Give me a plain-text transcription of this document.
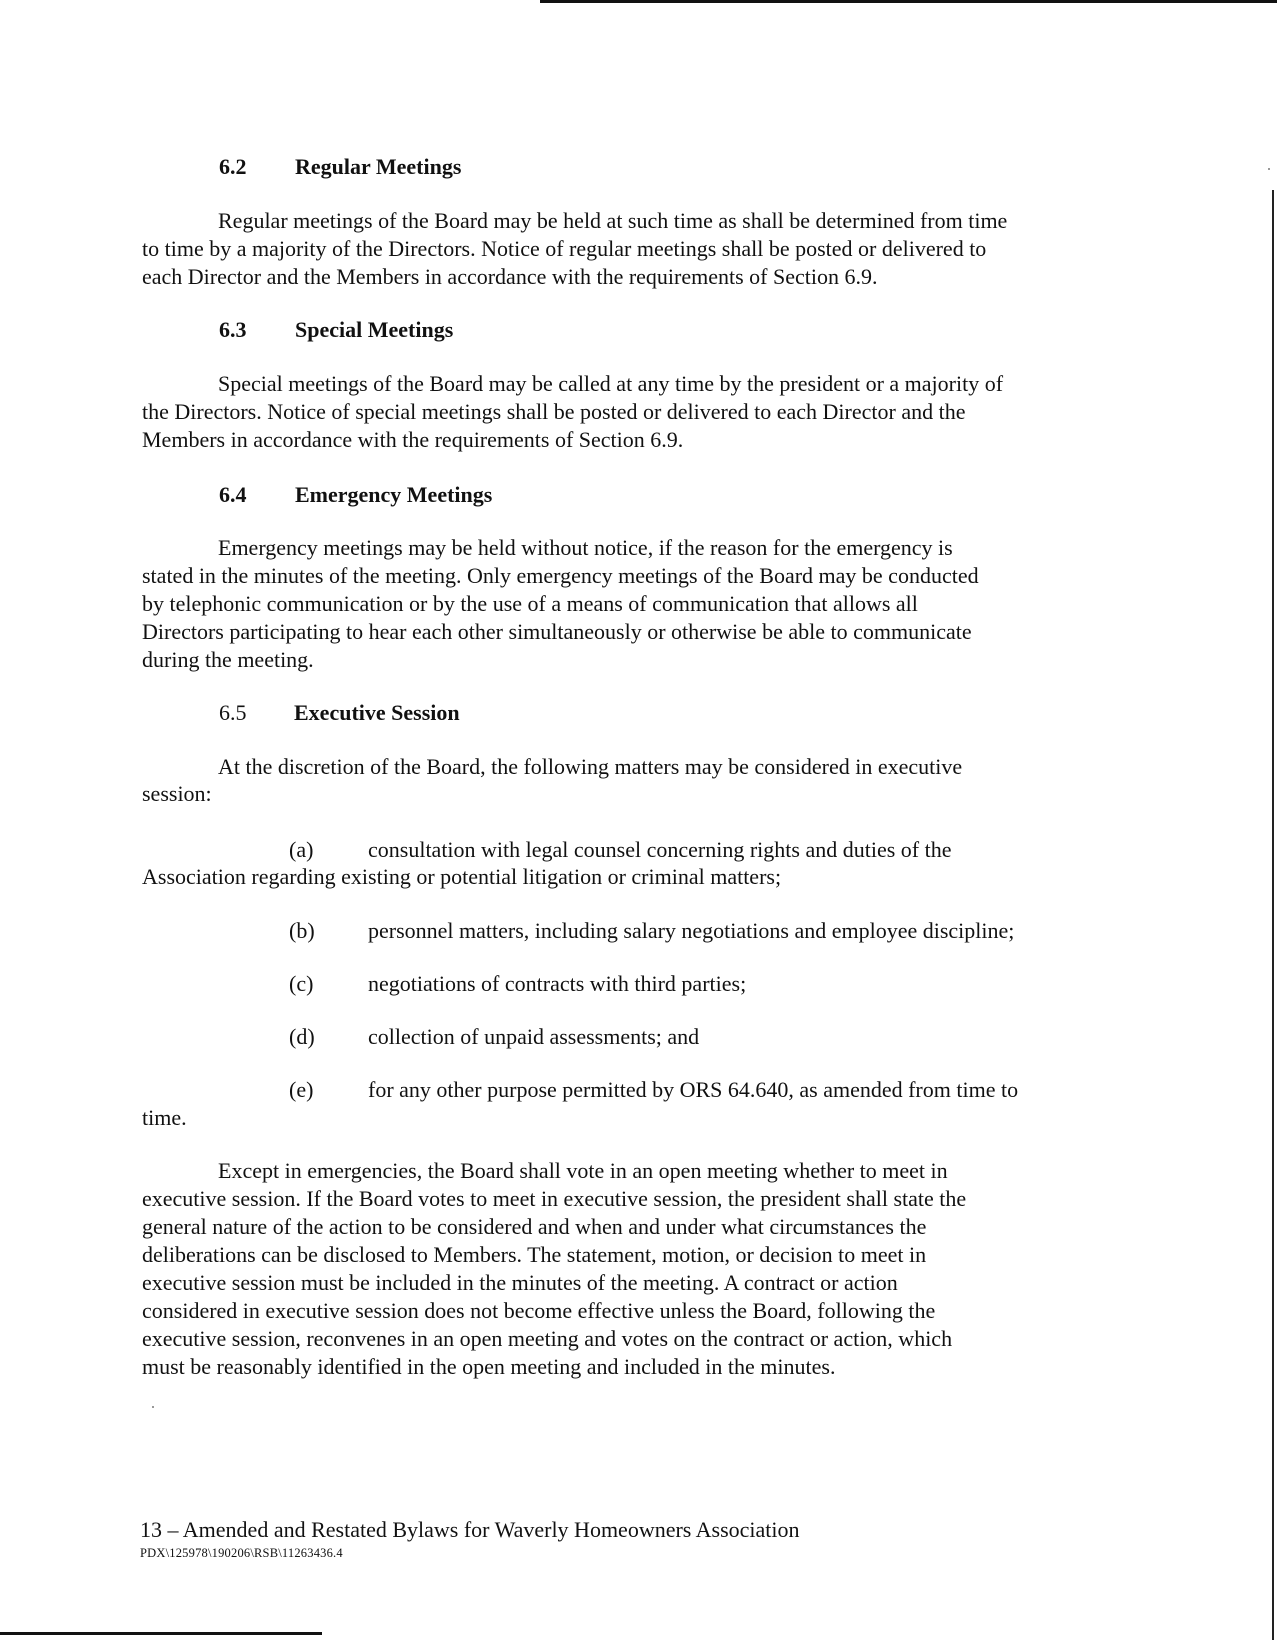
6.2 Regular Meetings
Regular meetings of the Board may be held at such time as shall be determined from time
to time by a majority of the Directors. Notice of regular meetings shall be posted or delivered to
each Director and the Members in accordance with the requirements of Section 6.9.
6.3 Special Meetings
Special meetings of the Board may be called at any time by the president or a majority of
the Directors. Notice of special meetings shall be posted or delivered to each Director and the
Members in accordance with the requirements of Section 6.9.
6.4 Emergency Meetings
Emergency meetings may be held without notice, if the reason for the emergency is
stated in the minutes of the meeting. Only emergency meetings of the Board may be conducted
by telephonic communication or by the use of a means of communication that allows all
Directors participating to hear each other simultaneously or otherwise be able to communicate
during the meeting.
6.5 Executive Session
At the discretion of the Board, the following matters may be considered in executive
session:
(a) consultation with legal counsel concerning rights and duties of the
Association regarding existing or potential litigation or criminal matters;
(b) personnel matters, including salary negotiations and employee discipline;
(c) negotiations of contracts with third parties;
(d) collection of unpaid assessments; and
(e) for any other purpose permitted by ORS 64.640, as amended from time to
time.
Except in emergencies, the Board shall vote in an open meeting whether to meet in
executive session. If the Board votes to meet in executive session, the president shall state the
general nature of the action to be considered and when and under what circumstances the
deliberations can be disclosed to Members. The statement, motion, or decision to meet in
executive session must be included in the minutes of the meeting. A contract or action
considered in executive session does not become effective unless the Board, following the
executive session, reconvenes in an open meeting and votes on the contract or action, which
must be reasonably identified in the open meeting and included in the minutes.
13 – Amended and Restated Bylaws for Waverly Homeowners Association
PDX\125978\190206\RSB\11263436.4
